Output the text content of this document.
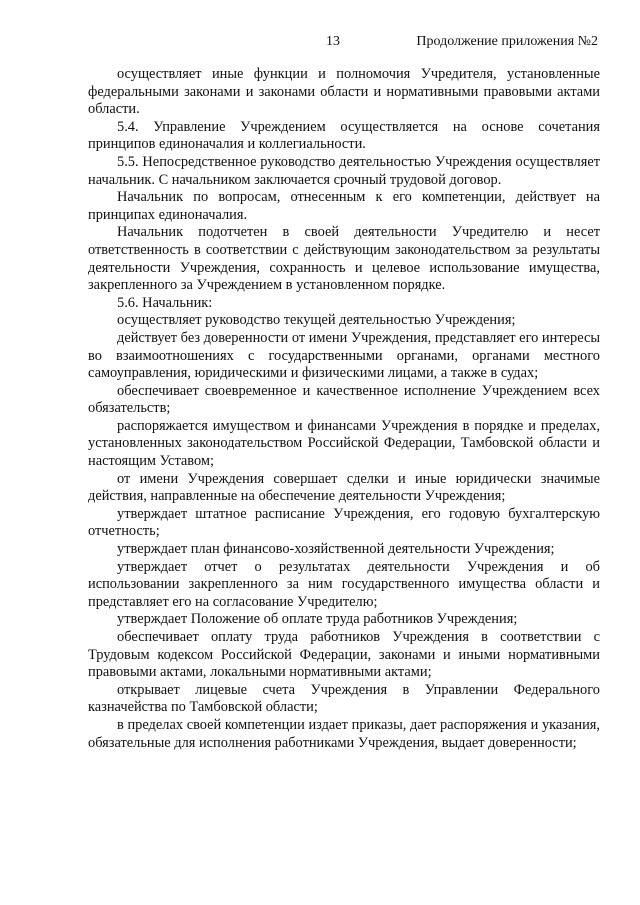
13	Продолжение приложения №2

осуществляет иные функции и полномочия Учредителя, установленные федеральными законами и законами области и нормативными правовыми актами области.

5.4. Управление Учреждением осуществляется на основе сочетания принципов единоначалия и коллегиальности.

5.5. Непосредственное руководство деятельностью Учреждения осуществляет начальник. С начальником заключается срочный трудовой договор.

Начальник по вопросам, отнесенным к его компетенции, действует на принципах единоначалия.

Начальник подотчетен в своей деятельности Учредителю и несет ответственность в соответствии с действующим законодательством за результаты деятельности Учреждения, сохранность и целевое использование имущества, закрепленного за Учреждением в установленном порядке.

5.6. Начальник:

осуществляет руководство текущей деятельностью Учреждения;

действует без доверенности от имени Учреждения, представляет его интересы во взаимоотношениях с государственными органами, органами местного самоуправления, юридическими и физическими лицами, а также в судах;

обеспечивает своевременное и качественное исполнение Учреждением всех обязательств;

распоряжается имуществом и финансами Учреждения в порядке и пределах, установленных законодательством Российской Федерации, Тамбовской области и настоящим Уставом;

от имени Учреждения совершает сделки и иные юридически значимые действия, направленные на обеспечение деятельности Учреждения;

утверждает штатное расписание Учреждения, его годовую бухгалтерскую отчетность;

утверждает план финансово-хозяйственной деятельности Учреждения;

утверждает отчет о результатах деятельности Учреждения и об использовании закрепленного за ним государственного имущества области и представляет его на согласование Учредителю;

утверждает Положение об оплате труда работников Учреждения;

обеспечивает оплату труда работников Учреждения в соответствии с Трудовым кодексом Российской Федерации, законами и иными нормативными правовыми актами, локальными нормативными актами;

открывает лицевые счета Учреждения в Управлении Федерального казначейства по Тамбовской области;

в пределах своей компетенции издает приказы, дает распоряжения и указания, обязательные для исполнения работниками Учреждения, выдает доверенности;
